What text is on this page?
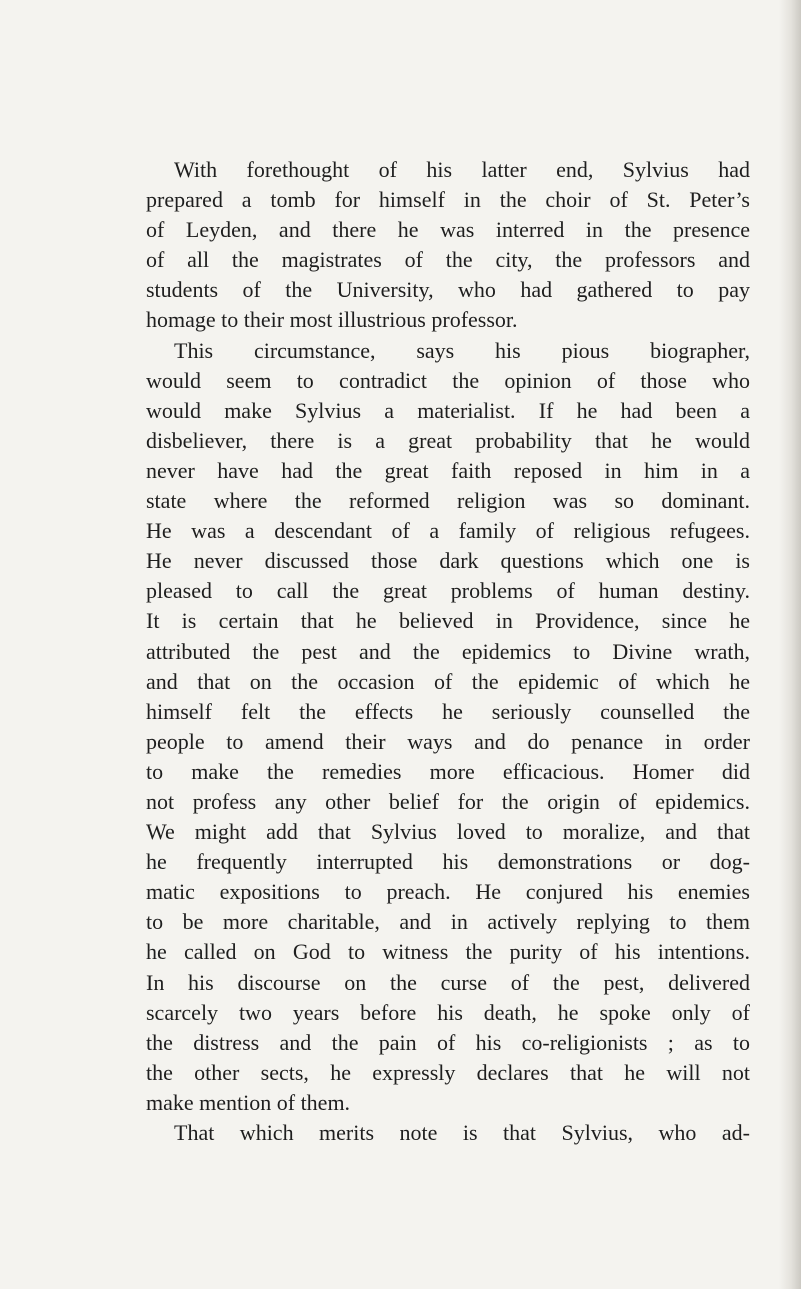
With forethought of his latter end, Sylvius had
prepared a tomb for himself in the choir of St. Peter’s
of Leyden, and there he was interred in the presence
of all the magistrates of the city, the professors and
students of the University, who had gathered to pay
homage to their most illustrious professor.
This circumstance, says his pious biographer,
would seem to contradict the opinion of those who
would make Sylvius a materialist. If he had been a
disbeliever, there is a great probability that he would
never have had the great faith reposed in him in a
state where the reformed religion was so dominant.
He was a descendant of a family of religious refugees.
He never discussed those dark questions which one is
pleased to call the great problems of human destiny.
It is certain that he believed in Providence, since he
attributed the pest and the epidemics to Divine wrath,
and that on the occasion of the epidemic of which he
himself felt the effects he seriously counselled the
people to amend their ways and do penance in order
to make the remedies more efficacious. Homer did
not profess any other belief for the origin of epidemics.
We might add that Sylvius loved to moralize, and that
he frequently interrupted his demonstrations or dog-
matic expositions to preach. He conjured his enemies
to be more charitable, and in actively replying to them
he called on God to witness the purity of his intentions.
In his discourse on the curse of the pest, delivered
scarcely two years before his death, he spoke only of
the distress and the pain of his co-religionists ; as to
the other sects, he expressly declares that he will not
make mention of them.
That which merits note is that Sylvius, who ad-
